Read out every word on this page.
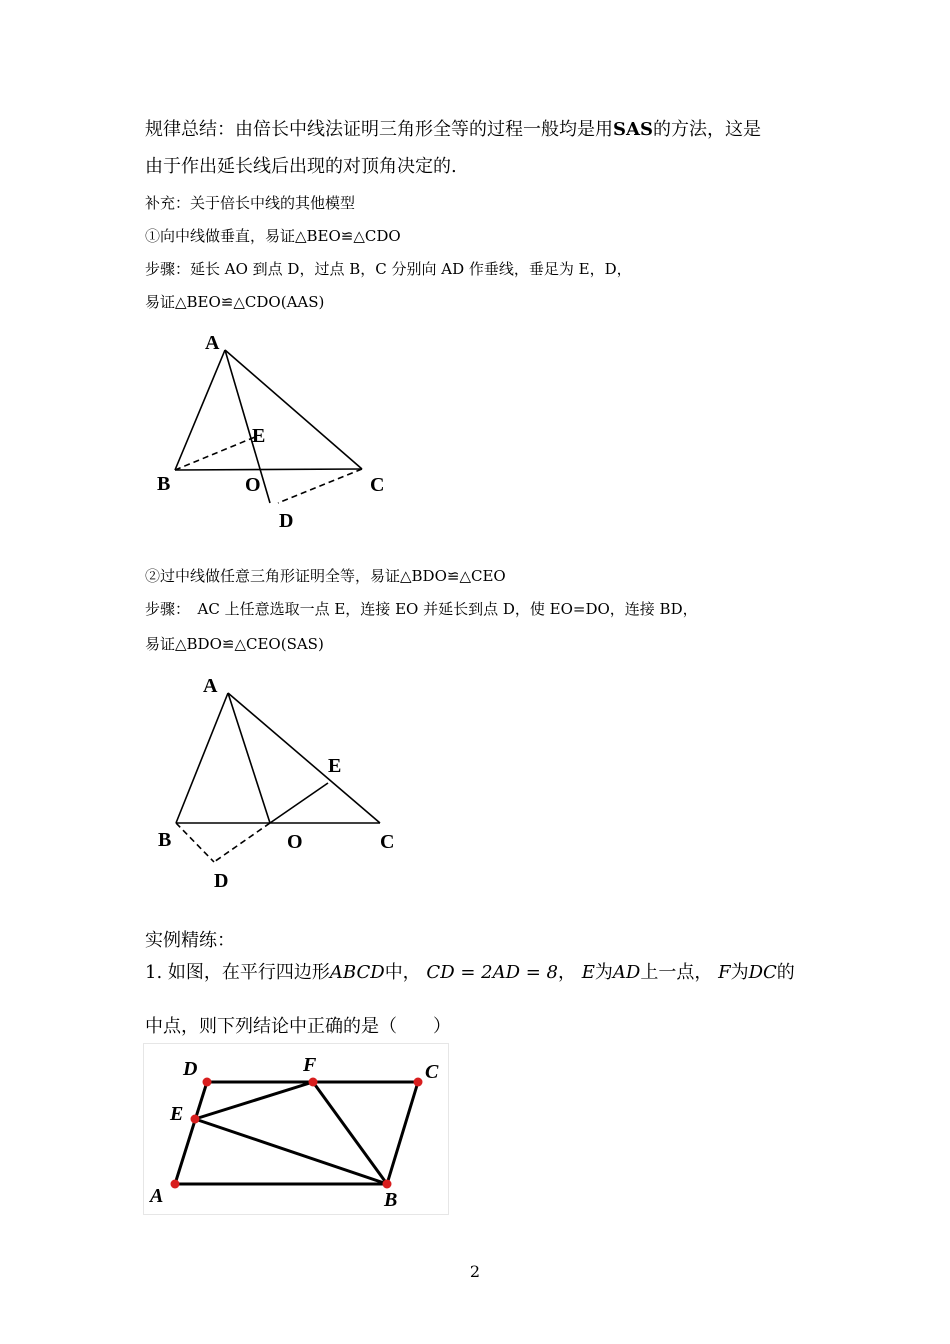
规律总结：由倍长中线法证明三角形全等的过程一般均是用SAS的方法，这是
由于作出延长线后出现的对顶角决定的.
补充：关于倍长中线的其他模型
①向中线做垂直，易证△BEO≌△CDO
步骤：延长 AO 到点 D，过点 B，C 分别向 AD 作垂线，垂足为 E，D，
易证△BEO≌△CDO(AAS)
A
B	C
D
E
O
②过中线做任意三角形证明全等，易证△BDO≌△CEO
步骤：　AC 上任意选取一点 E，连接 EO 并延长到点 D，使 EO=DO，连接 BD，
易证△BDO≌△CEO(SAS)
A
B	C
D
E
O
实例精练：
1. 如图，在平行四边形ABCD中， CD = 2AD = 8， E为AD上一点， F为DC的
中点，则下列结论中正确的是（　　）
A	B
C
D
E
F
2
